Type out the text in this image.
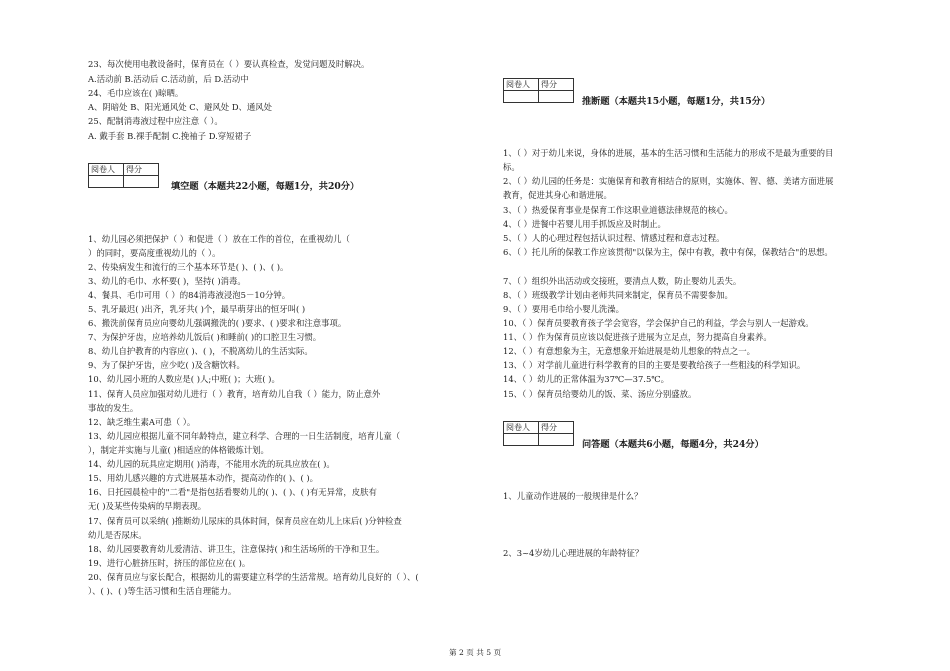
23、每次使用电教设备时，保育员在（ ）要认真检查，发觉问题及时解决。
A.活动前 B.活动后 C.活动前，后 D.活动中
24、毛巾应该在( )晾晒。
A、阴暗处 B、阳光通风处 C、避风处 D、通风处
25、配制消毒液过程中应注意（ ）。
A. 戴手套 B.裸手配制 C.挽袖子 D.穿短裙子
阅卷人	得分

填空题（本题共22小题，每题1分，共20分）
1、幼儿园必须把保护（ ）和促进（ ）放在工作的首位，在重视幼儿（
）的同时，要高度重视幼儿的（ ）。
2、传染病发生和流行的三个基本环节是( )、( )、( )。
3、幼儿的毛巾、水杯要( )，坚持( )消毒。
4、餐具、毛巾可用（ ）的84消毒液浸泡5－10分钟。
5、乳牙最迟( )出齐，乳牙共( )个，最早萌芽出的恒牙叫( )
6、搬洗前保育员应向婴幼儿强调搬洗的( )要求、( )要求和注意事项。
7、为保护牙齿，应培养幼儿饭后( )和睡前( )的口腔卫生习惯。
8、幼儿自护教育的内容应( )、( )，不脱离幼儿的生活实际。
9、为了保护牙齿，应少吃( )及含糖饮料。
10、幼儿园小班的人数应是( )人;中班( )；大班( )。
11、保育人员应加强对幼儿进行（ ）教育，培育幼儿自我（ ）能力，防止意外
事故的发生。
12、缺乏维生素A可患（ ）。
13、幼儿园应根据儿童不同年龄特点，建立科学、合理的一日生活制度，培育儿童（
），制定并实施与儿童( )相适应的体格锻炼计划。
14、幼儿园的玩具应定期用( )消毒，不能用水洗的玩具应放在( )。
15、用幼儿感兴趣的方式进展基本动作，提高动作的( )、( )。
16、日托园晨检中的"二看"是指包括看婴幼儿的( )、( )、( )有无异常，皮肤有
无( )及某些传染病的早期表现。
17、保育员可以采纳( )推断幼儿尿床的具体时间，保育员应在幼儿上床后( )分钟检查
幼儿是否尿床。
18、幼儿园要教育幼儿爱清洁、讲卫生，注意保持( )和生活场所的干净和卫生。
19、进行心脏挤压时，挤压的部位应在( )。
20、保育员应与家长配合，根据幼儿的需要建立科学的生活常规。培育幼儿良好的（ ）、(
）、( )、( )等生活习惯和生活自理能力。
阅卷人	得分

推断题（本题共15小题，每题1分，共15分）
1、（ ）对于幼儿来说，身体的进展，基本的生活习惯和生活能力的形成不是最为重要的目
标。
2、（ ）幼儿园的任务是：实施保育和教育相结合的原则，实施体、智、德、美诸方面进展
教育，促进其身心和谐进展。
3、（ ）热爱保育事业是保育工作这职业道德法律规范的核心。
4、（ ）进餐中若婴儿用手抓饭应及时制止。
5、（ ）人的心理过程包括认识过程、情感过程和意志过程。
6、（ ）托儿所的保教工作应该贯彻"以保为主，保中有教，教中有保，保教结合"的思想。
7、（ ）组织外出活动或交接班，要清点人数，防止婴幼儿丢失。
8、（ ）班级教学计划由老师共同来制定，保育员不需要参加。
9、（ ）要用毛巾给小婴儿洗澡。
10、（ ）保育员要教育孩子学会宽容，学会保护自己的利益，学会与别人一起游戏。
11、（ ）作为保育员应该以促进孩子进展为立足点，努力提高自身素养。
12、（ ）有意想象为主，无意想象开始进展是幼儿想象的特点之一。
13、（ ）对学前儿童进行科学教育的目的主要是要教给孩子一些粗浅的科学知识。
14、（ ）幼儿的正常体温为37℃—37.5℃。
15、（ ）保育员给婴幼儿的饭、菜、汤应分别盛放。
阅卷人	得分

问答题（本题共6小题，每题4分，共24分）
1、儿童动作进展的一般规律是什么？
2、3~4岁幼儿心理进展的年龄特征？
第 2 页 共 5 页
